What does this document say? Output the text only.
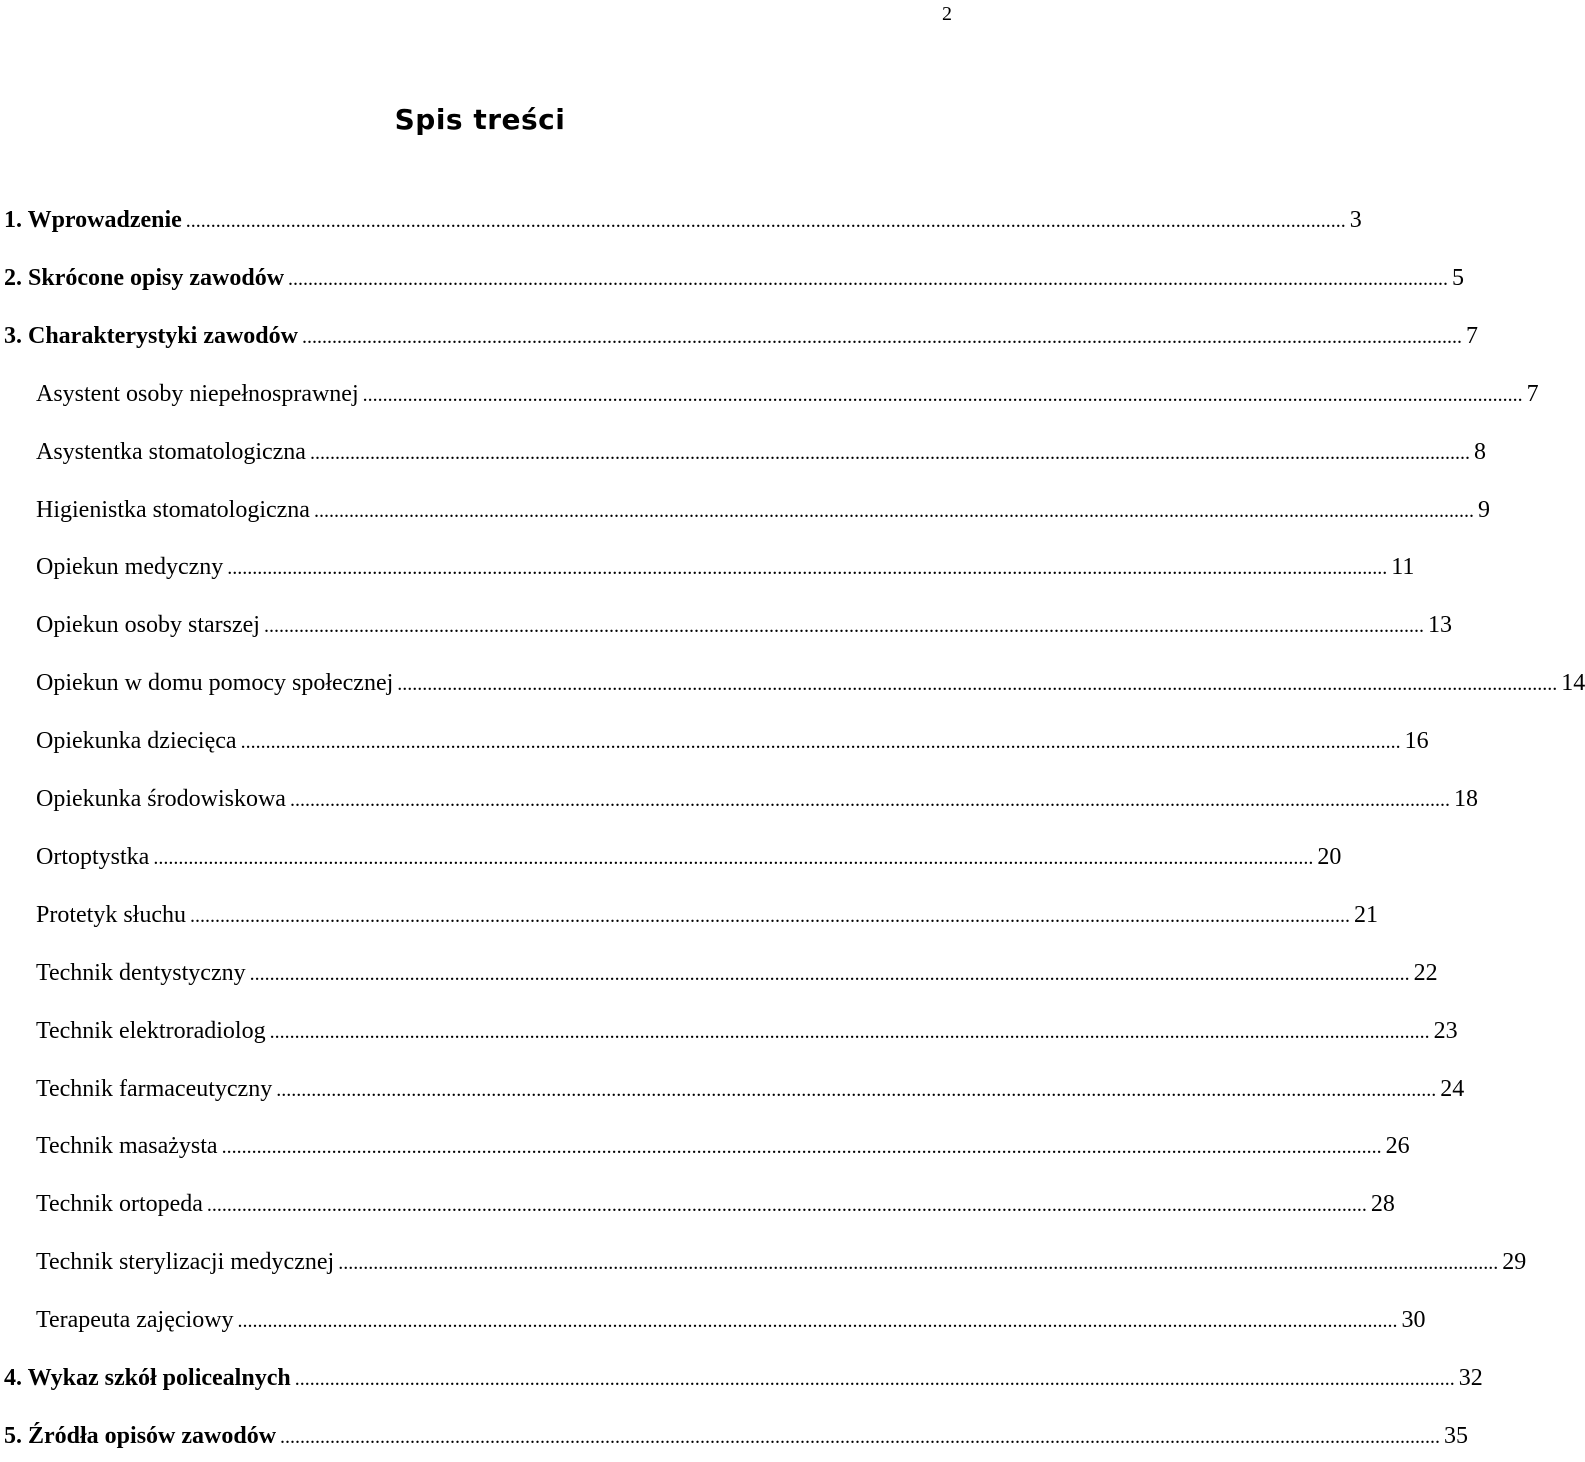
2
Spis treści
1. Wprowadzenie .....	3
2. Skrócone opisy zawodów .....	5
3. Charakterystyki zawodów .....	7
Asystent osoby niepełnosprawnej .....	7
Asystentka stomatologiczna .....	8
Higienistka stomatologiczna .....	9
Opiekun medyczny .....	11
Opiekun osoby starszej .....	13
Opiekun w domu pomocy społecznej .....	14
Opiekunka dziecięca .....	16
Opiekunka środowiskowa .....	18
Ortoptystka .....	20
Protetyk słuchu .....	21
Technik dentystyczny .....	22
Technik elektroradiolog .....	23
Technik farmaceutyczny .....	24
Technik masażysta .....	26
Technik ortopeda .....	28
Technik sterylizacji medycznej .....	29
Terapeuta zajęciowy .....	30
4. Wykaz szkół policealnych .....	32
5. Źródła opisów zawodów .....	35
